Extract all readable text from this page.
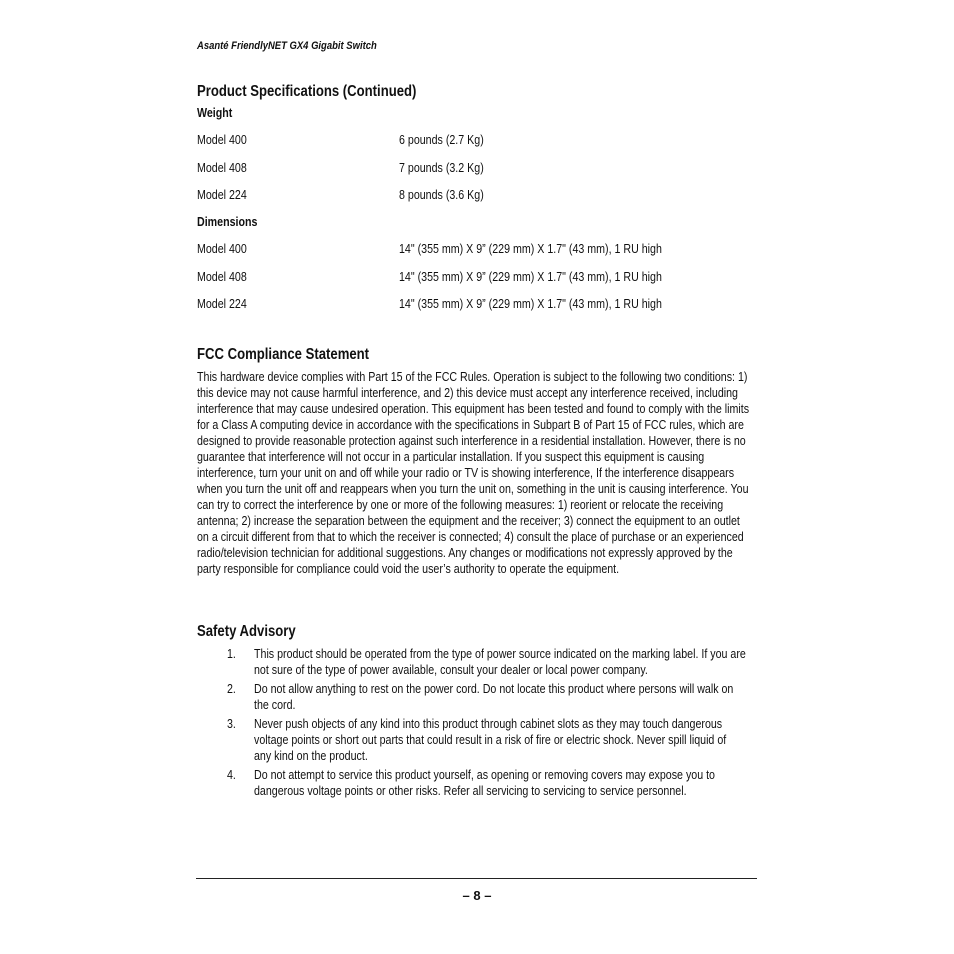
Asanté FriendlyNET GX4 Gigabit Switch
Product Specifications (Continued)
Weight
Model 400	6 pounds (2.7 Kg)
Model 408	7 pounds (3.2 Kg)
Model 224	8 pounds (3.6 Kg)
Dimensions
Model 400	14" (355 mm) X 9” (229 mm) X 1.7" (43 mm), 1 RU high
Model 408	14" (355 mm) X 9” (229 mm) X 1.7" (43 mm), 1 RU high
Model 224	14" (355 mm) X 9” (229 mm) X 1.7" (43 mm), 1 RU high
FCC Compliance Statement
This hardware device complies with Part 15 of the FCC Rules. Operation is subject to the following two conditions: 1) this device may not cause harmful interference, and 2) this device must accept any interference received, including interference that may cause undesired operation. This equipment has been tested and found to comply with the limits for a Class A computing device in accordance with the specifications in Subpart B of Part 15 of FCC rules, which are designed to provide reasonable protection against such interference in a residential installation. However, there is no guarantee that interference will not occur in a particular installation. If you suspect this equipment is causing interference, turn your unit on and off while your radio or TV is showing interference, If the interference disappears when you turn the unit off and reappears when you turn the unit on, something in the unit is causing interference. You can try to correct the interference by one or more of the following measures: 1) reorient or relocate the receiving antenna; 2) increase the separation between the equipment and the receiver; 3) connect the equipment to an outlet on a circuit different from that to which the receiver is connected; 4) consult the place of purchase or an experienced radio/television technician for additional suggestions. Any changes or modifications not expressly approved by the party responsible for compliance could void the user’s authority to operate the equipment.
Safety Advisory
1. This product should be operated from the type of power source indicated on the marking label. If you are not sure of the type of power available, consult your dealer or local power company.
2. Do not allow anything to rest on the power cord. Do not locate this product where persons will walk on the cord.
3. Never push objects of any kind into this product through cabinet slots as they may touch dangerous voltage points or short out parts that could result in a risk of fire or electric shock. Never spill liquid of any kind on the product.
4. Do not attempt to service this product yourself, as opening or removing covers may expose you to dangerous voltage points or other risks. Refer all servicing to servicing to service personnel.
– 8 –
